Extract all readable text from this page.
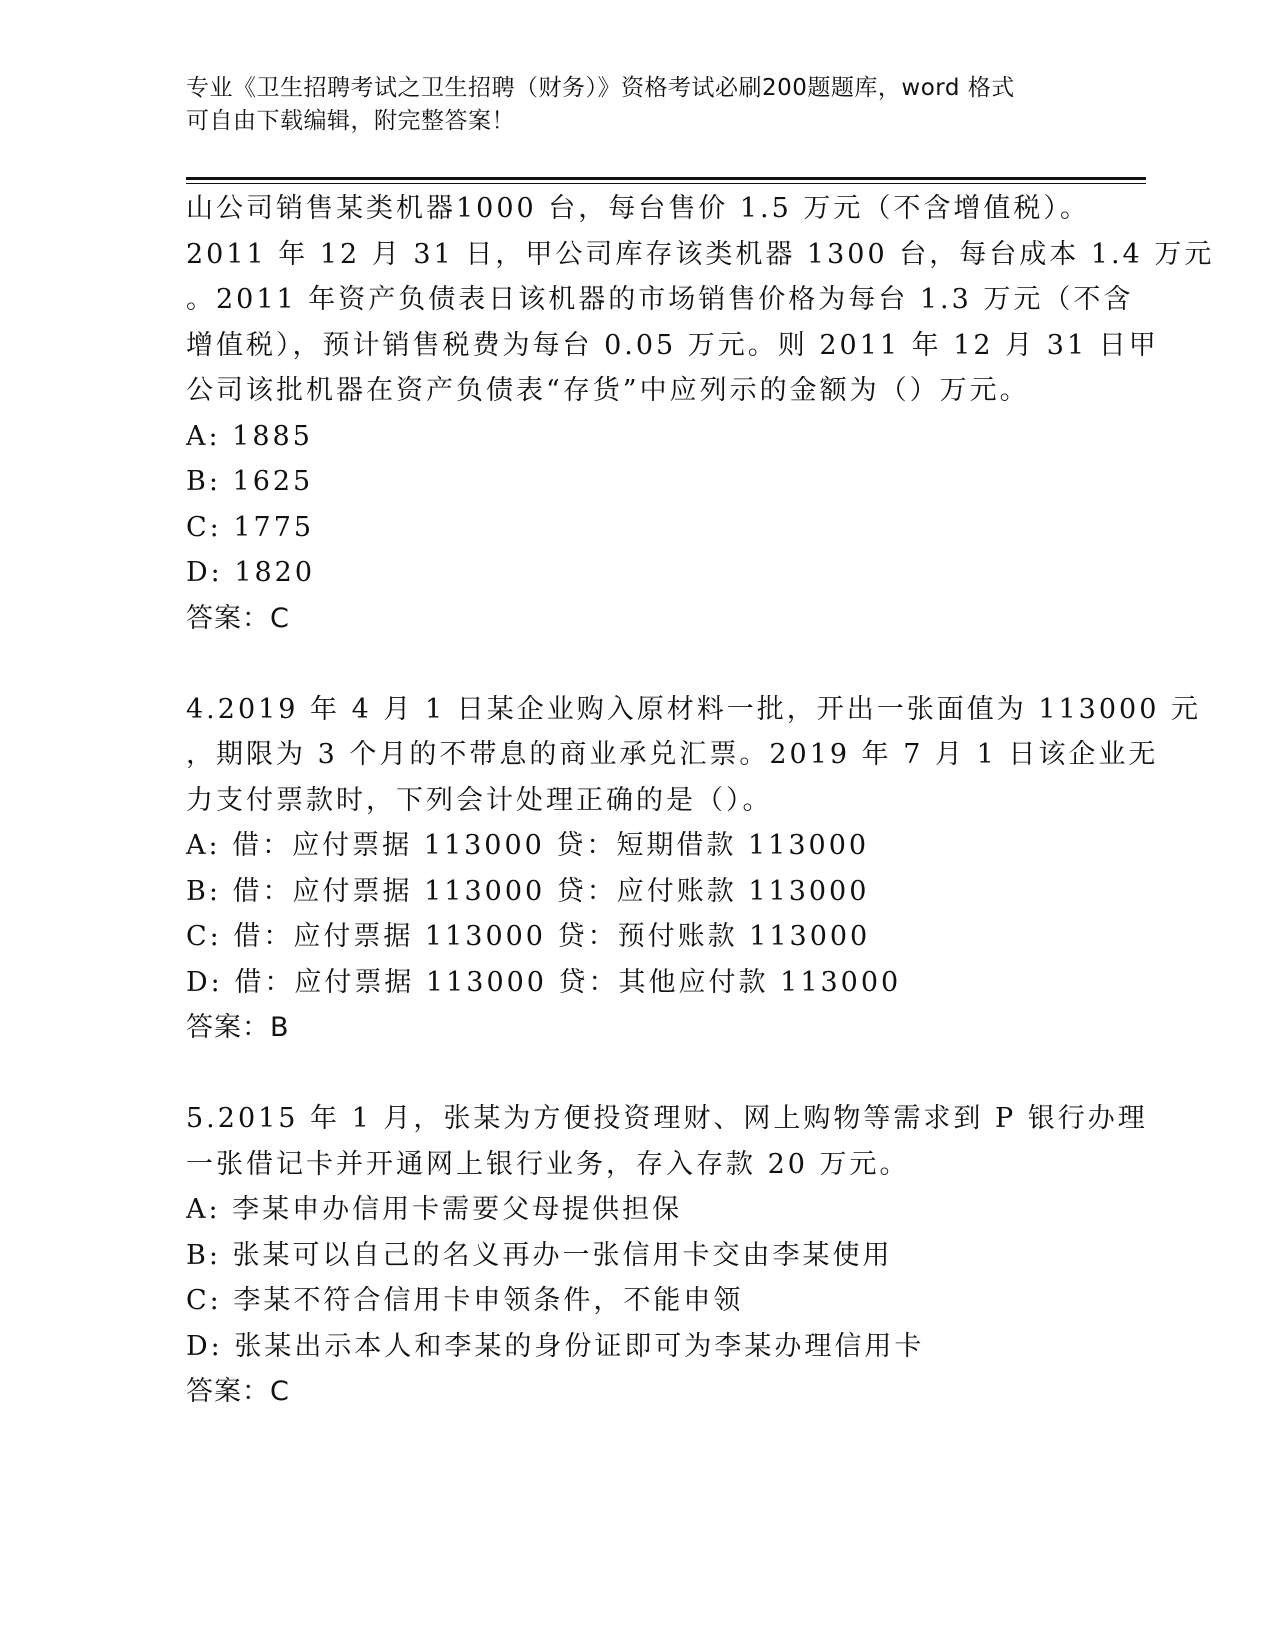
专业《卫生招聘考试之卫生招聘（财务）》资格考试必刷200题题库，word 格式
可自由下载编辑，附完整答案！
山公司销售某类机器1000 台，每台售价 1.5 万元（不含增值税）。
2011 年 12 月 31 日，甲公司库存该类机器 1300 台，每台成本 1.4 万元
。2011 年资产负债表日该机器的市场销售价格为每台 1.3 万元（不含
增值税），预计销售税费为每台 0.05 万元。则 2011 年 12 月 31 日甲
公司该批机器在资产负债表“存货”中应列示的金额为（）万元。
A: 1885
B: 1625
C: 1775
D: 1820
答案：C
4.2019 年 4 月 1 日某企业购入原材料一批，开出一张面值为 113000 元
，期限为 3 个月的不带息的商业承兑汇票。2019 年 7 月 1 日该企业无
力支付票款时，下列会计处理正确的是（）。
A: 借：应付票据 113000 贷：短期借款 113000
B: 借：应付票据 113000 贷：应付账款 113000
C: 借：应付票据 113000 贷：预付账款 113000
D: 借：应付票据 113000 贷：其他应付款 113000
答案：B
5.2015 年 1 月，张某为方便投资理财、网上购物等需求到 P 银行办理
一张借记卡并开通网上银行业务，存入存款 20 万元。
A: 李某申办信用卡需要父母提供担保
B: 张某可以自己的名义再办一张信用卡交由李某使用
C: 李某不符合信用卡申领条件，不能申领
D: 张某出示本人和李某的身份证即可为李某办理信用卡
答案：C
